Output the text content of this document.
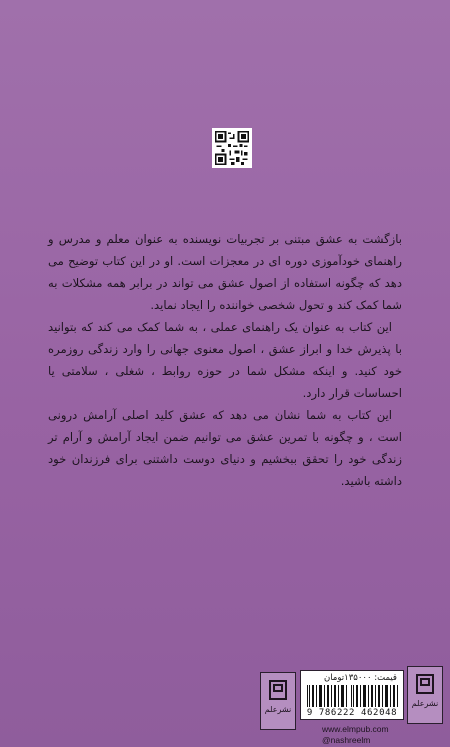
بازگشت به عشق مبتنی بر تجربیات نویسنده به عنوان معلم و مدرس و راهنمای خودآموزی دوره ای در معجزات است. او در این کتاب توضیح می دهد که چگونه استفاده از اصول عشق می تواند در برابر همه مشکلات به شما کمک کند و تحول شخصی خواننده را ایجاد نماید.

این کتاب به عنوان یک راهنمای عملی ، به شما کمک می کند که بتوانید با پذیرش خدا و ابراز عشق ، اصول معنوی جهانی را وارد زندگی روزمره خود کنید. و اینکه مشکل شما در حوزه روابط ، شغلی ، سلامتی یا احساسات قرار دارد.

این کتاب به شما نشان می دهد که عشق کلید اصلی آرامش درونی است ، و چگونه با تمرین عشق می توانیم ضمن ایجاد آرامش و آرام تر زندگی خود را تحقق ببخشیم و دنیای دوست داشتنی برای فرزندان خود داشته باشید.

نشرعلم
قیمت: ۱۳۵۰۰۰تومان
9 786222 462048
نشرعلم
www.elmpub.com
@nashreelm
